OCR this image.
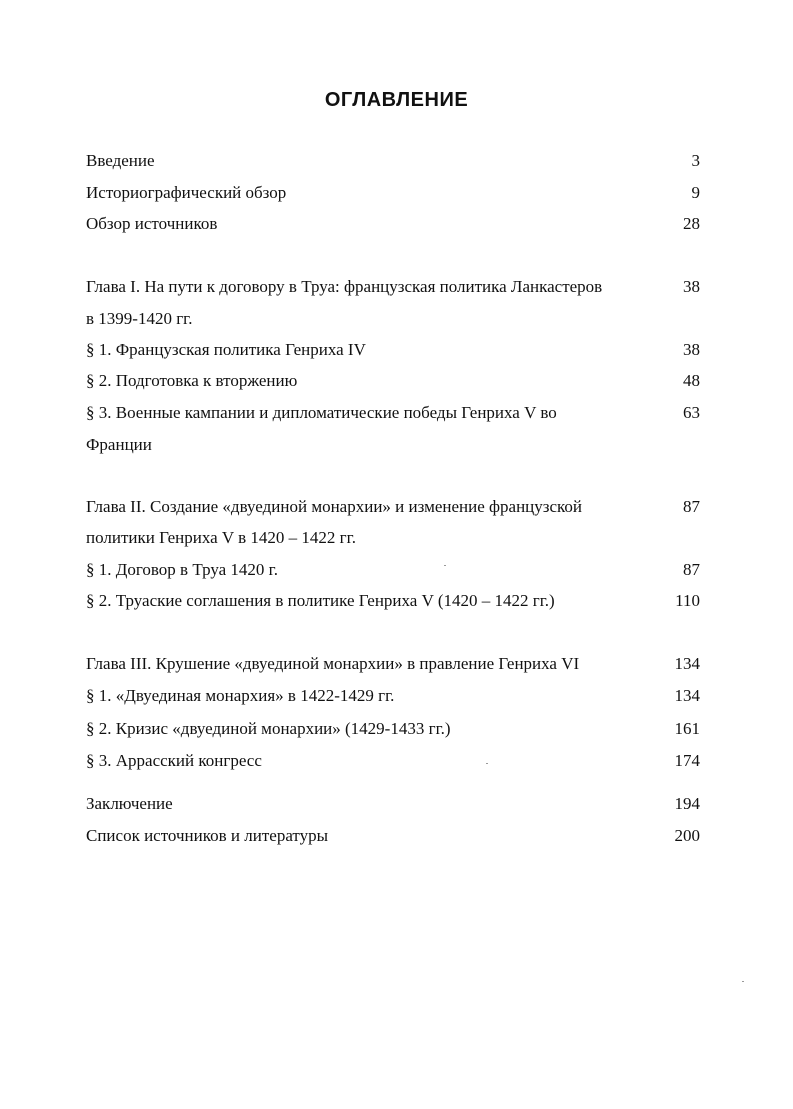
ОГЛАВЛЕНИЕ
Введение	3
Историографический обзор	9
Обзор источников	28
Глава I. На пути к договору в Труа: французская политика Ланкастеров	38
в 1399-1420 гг.
§ 1. Французская политика Генриха IV	38
§ 2. Подготовка к вторжению	48
§ 3. Военные кампании и дипломатические победы Генриха V во	63
Франции
Глава II. Создание «двуединой монархии» и изменение французской	87
политики Генриха V в 1420 – 1422 гг.
§ 1. Договор в Труа 1420 г.	87
§ 2. Труаские соглашения в политике Генриха V (1420 – 1422 гг.)	110
Глава III. Крушение «двуединой монархии» в правление Генриха VI	134
§ 1. «Двуединая монархия» в 1422-1429 гг.	134
§ 2. Кризис «двуединой монархии» (1429-1433 гг.)	161
§ 3. Аррасский конгресс	174
Заключение	194
Список источников и литературы	200
